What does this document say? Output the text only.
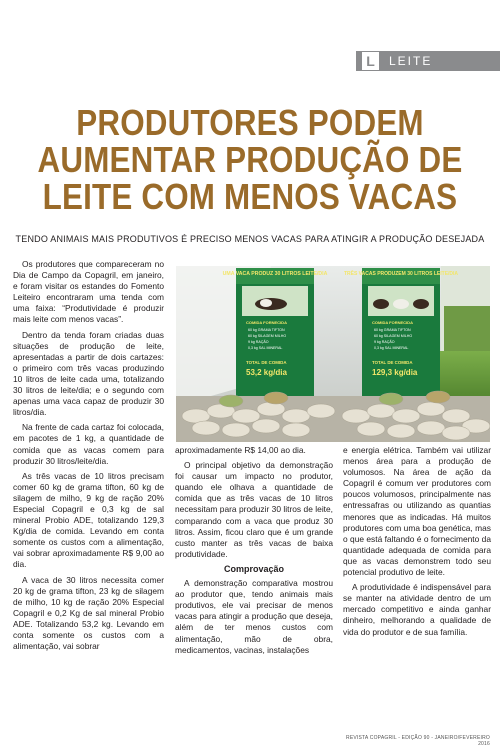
L	LEITE
PRODUTORES PODEM
AUMENTAR PRODUÇÃO DE
LEITE COM MENOS VACAS
TENDO ANIMAIS MAIS PRODUTIVOS É PRECISO MENOS VACAS PARA ATINGIR A PRODUÇÃO DESEJADA

Os produtores que compareceram no Dia de Campo da Copagril, em janeiro, e foram visitar os estandes do Fomento Leiteiro encontraram uma tenda com uma faixa: “Produtividade é produzir mais leite com menos vacas”.

Dentro da tenda foram criadas duas situações de produção de leite, apresentadas a partir de dois cartazes: o primeiro com três vacas produzindo 10 litros de leite cada uma, totalizando 30 litros de leite/dia; e o segundo com apenas uma vaca capaz de produzir 30 litros/dia.

Na frente de cada cartaz foi colocada, em pacotes de 1 kg, a quantidade de comida que as vacas comem para produzir 30 litros/leite/dia.

As três vacas de 10 litros precisam comer 60 kg de grama tifton, 60 kg de silagem de milho, 9 kg de ração 20% Especial Copagril e 0,3 kg de sal mineral Probio ADE, totalizando 129,3 Kg/dia de comida. Levando em conta somente os custos com a alimentação, vai sobrar aproximadamente R$ 9,00 ao dia.

A vaca de 30 litros necessita comer 20 kg de grama tifton, 23 kg de silagem de milho, 10 kg de ração 20% Especial Copagril e 0,2 Kg de sal mineral Probio ADE. Totalizando 53,2 kg. Levando em conta somente os custos com a alimentação, vai sobrar

UMA VACA PRODUZ 30 LITROS LEITE/DIA
COMIDA FORNECIDA
60 kg GRAMA TIFTON
60 kg SILAGEM MILHO
9 kg RAÇÃO
0,3 kg SAL MINERAL
TOTAL DE COMIDA
53,2 kg/dia
TRÊS VACAS PRODUZEM 30 LITROS LEITE/DIA
COMIDA FORNECIDA
60 kg GRAMA TIFTON
60 kg SILAGEM MILHO
9 kg RAÇÃO
0,3 kg SAL MINERAL
TOTAL DE COMIDA
129,3 kg/dia

aproximadamente R$ 14,00 ao dia.

O principal objetivo da demonstração foi causar um impacto no produtor, quando ele olhava a quantidade de comida que as três vacas de 10 litros necessitam para produzir 30 litros de leite, comparando com a vaca que produz 30 litros. Assim, ficou claro que é um grande custo manter as três vacas de baixa produtividade.

Comprovação

A demonstração comparativa mostrou ao produtor que, tendo animais mais produtivos, ele vai precisar de menos vacas para atingir a produção que deseja, além de ter menos custos com alimentação, mão de obra, medicamentos, vacinas, instalações

e energia elétrica. Também vai utilizar menos área para a produção de volumosos. Na área de ação da Copagril é comum ver produtores com poucos volumosos, principalmente nas entressafras ou utilizando as quantias menores que as indicadas. Há muitos produtores com uma boa genética, mas o que está faltando é o fornecimento da quantidade adequada de comida para que as vacas demonstrem todo seu potencial produtivo de leite.

A produtividade é indispensável para se manter na atividade dentro de um mercado competitivo e ainda ganhar dinheiro, melhorando a qualidade de vida do produtor e de sua família.

REVISTA COPAGRIL - EDIÇÃO 90 - JANEIRO/FEVEREIRO 2016
